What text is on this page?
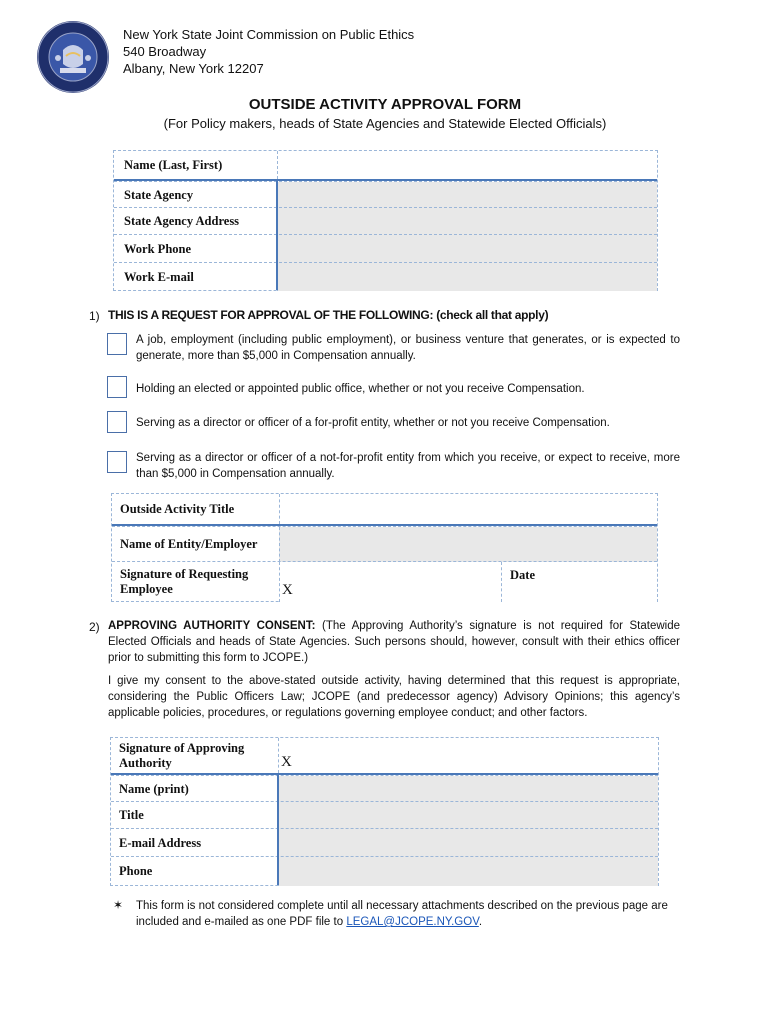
New York State Joint Commission on Public Ethics
540 Broadway
Albany, New York 12207
OUTSIDE ACTIVITY APPROVAL FORM
(For Policy makers, heads of State Agencies and Statewide Elected Officials)
Name (Last, First)
State Agency
State Agency Address
Work Phone
Work E-mail
1) THIS IS A REQUEST FOR APPROVAL OF THE FOLLOWING: (check all that apply)
A job, employment (including public employment), or business venture that generates, or is expected to generate, more than $5,000 in Compensation annually.
Holding an elected or appointed public office, whether or not you receive Compensation.
Serving as a director or officer of a for-profit entity, whether or not you receive Compensation.
Serving as a director or officer of a not-for-profit entity from which you receive, or expect to receive, more than $5,000 in Compensation annually.
Outside Activity Title
Name of Entity/Employer
Signature of Requesting Employee	X
Date
2) APPROVING AUTHORITY CONSENT: (The Approving Authority’s signature is not required for Statewide Elected Officials and heads of State Agencies. Such persons should, however, consult with their ethics officer prior to submitting this form to JCOPE.)
I give my consent to the above-stated outside activity, having determined that this request is appropriate, considering the Public Officers Law; JCOPE (and predecessor agency) Advisory Opinions; this agency’s applicable policies, procedures, or regulations governing employee conduct; and other factors.
Signature of Approving Authority	X
Name (print)
Title
E-mail Address
Phone
✶ This form is not considered complete until all necessary attachments described on the previous page are included and e-mailed as one PDF file to LEGAL@JCOPE.NY.GOV.
